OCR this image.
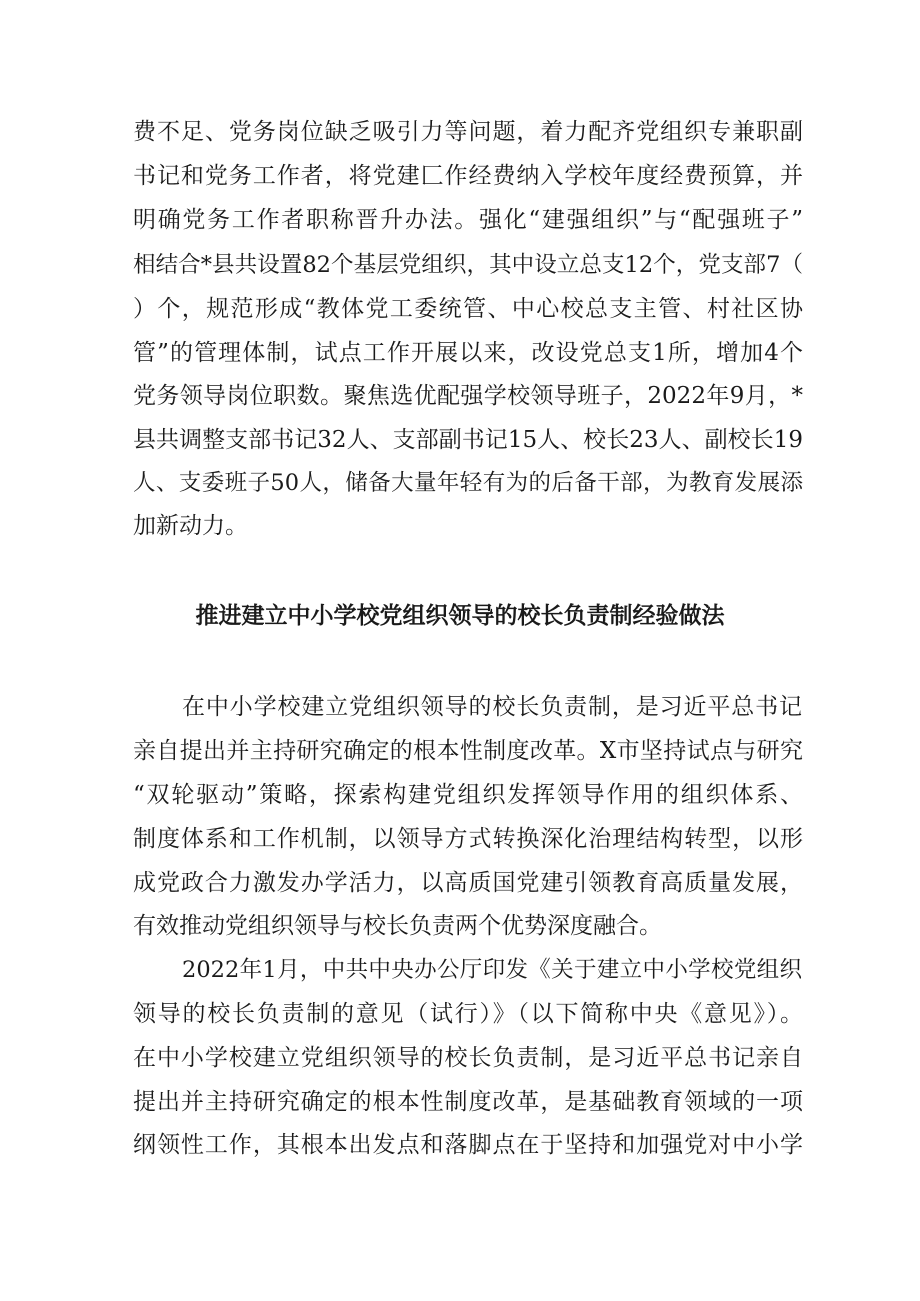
费不足、党务岗位缺乏吸引力等问题，着力配齐党组织专兼职副
书记和党务工作者，将党建匚作经费纳入学校年度经费预算，并
明确党务工作者职称晋升办法。强化“建强组织”与“配强班子”
相结合*县共设置82个基层党组织，其中设立总支12个，党支部7（
）个，规范形成“教体党工委统管、中心校总支主管、村社区协
管”的管理体制，试点工作开展以来，改设党总支1所，增加4个
党务领导岗位职数。聚焦选优配强学校领导班子，2022年9月，*
县共调整支部书记32人、支部副书记15人、校长23人、副校长19
人、支委班子50人，储备大量年轻有为的后备干部，为教育发展添
加新动力。
推进建立中小学校党组织领导的校长负责制经验做法
在中小学校建立党组织领导的校长负责制，是习近平总书记
亲自提出并主持研究确定的根本性制度改革。X市坚持试点与研究
“双轮驱动”策略，探索构建党组织发挥领导作用的组织体系、
制度体系和工作机制，以领导方式转换深化治理结构转型，以形
成党政合力激发办学活力，以高质国党建引领教育高质量发展，
有效推动党组织领导与校长负责两个优势深度融合。
2022年1月，中共中央办公厅印发《关于建立中小学校党组织
领导的校长负责制的意见（试行）》（以下简称中央《意见》）。
在中小学校建立党组织领导的校长负责制，是习近平总书记亲自
提出并主持研究确定的根本性制度改革，是基础教育领域的一项
纲领性工作，其根本出发点和落脚点在于坚持和加强党对中小学
